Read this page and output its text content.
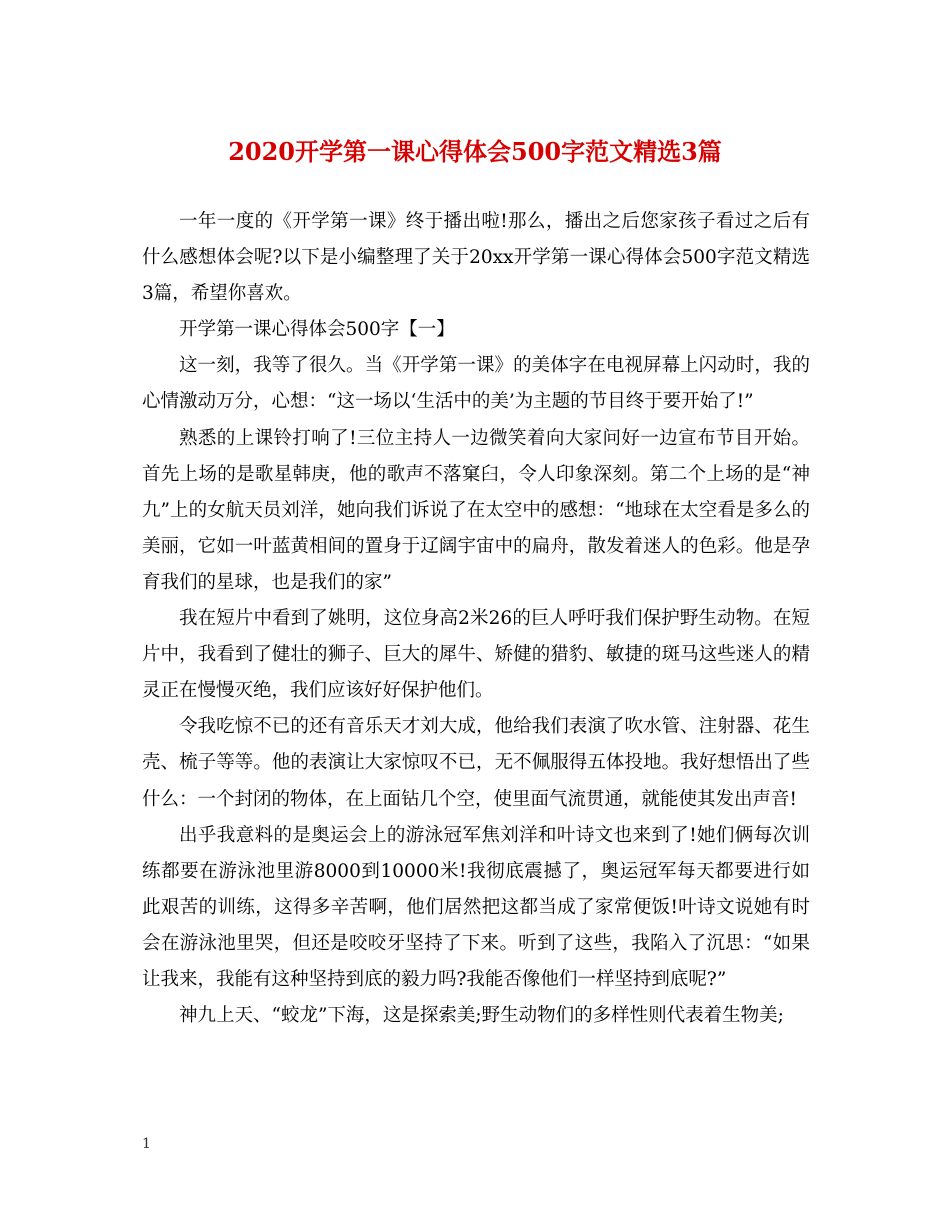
2020开学第一课心得体会500字范文精选3篇

一年一度的《开学第一课》终于播出啦!那么，播出之后您家孩子看过之后有什么感想体会呢?以下是小编整理了关于20xx开学第一课心得体会500字范文精选3篇，希望你喜欢。

开学第一课心得体会500字【一】

这一刻，我等了很久。当《开学第一课》的美体字在电视屏幕上闪动时，我的心情激动万分，心想：“这一场以‘生活中的美’为主题的节目终于要开始了!”

熟悉的上课铃打响了!三位主持人一边微笑着向大家问好一边宣布节目开始。首先上场的是歌星韩庚，他的歌声不落窠臼，令人印象深刻。第二个上场的是“神九”上的女航天员刘洋，她向我们诉说了在太空中的感想：“地球在太空看是多么的美丽，它如一叶蓝黄相间的置身于辽阔宇宙中的扁舟，散发着迷人的色彩。他是孕育我们的星球，也是我们的家”

我在短片中看到了姚明，这位身高2米26的巨人呼吁我们保护野生动物。在短片中，我看到了健壮的狮子、巨大的犀牛、矫健的猎豹、敏捷的斑马这些迷人的精灵正在慢慢灭绝，我们应该好好保护他们。

令我吃惊不已的还有音乐天才刘大成，他给我们表演了吹水管、注射器、花生壳、梳子等等。他的表演让大家惊叹不已，无不佩服得五体投地。我好想悟出了些什么：一个封闭的物体，在上面钻几个空，使里面气流贯通，就能使其发出声音!

出乎我意料的是奥运会上的游泳冠军焦刘洋和叶诗文也来到了!她们俩每次训练都要在游泳池里游8000到10000米!我彻底震撼了，奥运冠军每天都要进行如此艰苦的训练，这得多辛苦啊，他们居然把这都当成了家常便饭!叶诗文说她有时会在游泳池里哭，但还是咬咬牙坚持了下来。听到了这些，我陷入了沉思：“如果让我来，我能有这种坚持到底的毅力吗?我能否像他们一样坚持到底呢?”

神九上天、“蛟龙”下海，这是探索美;野生动物们的多样性则代表着生物美;

1
